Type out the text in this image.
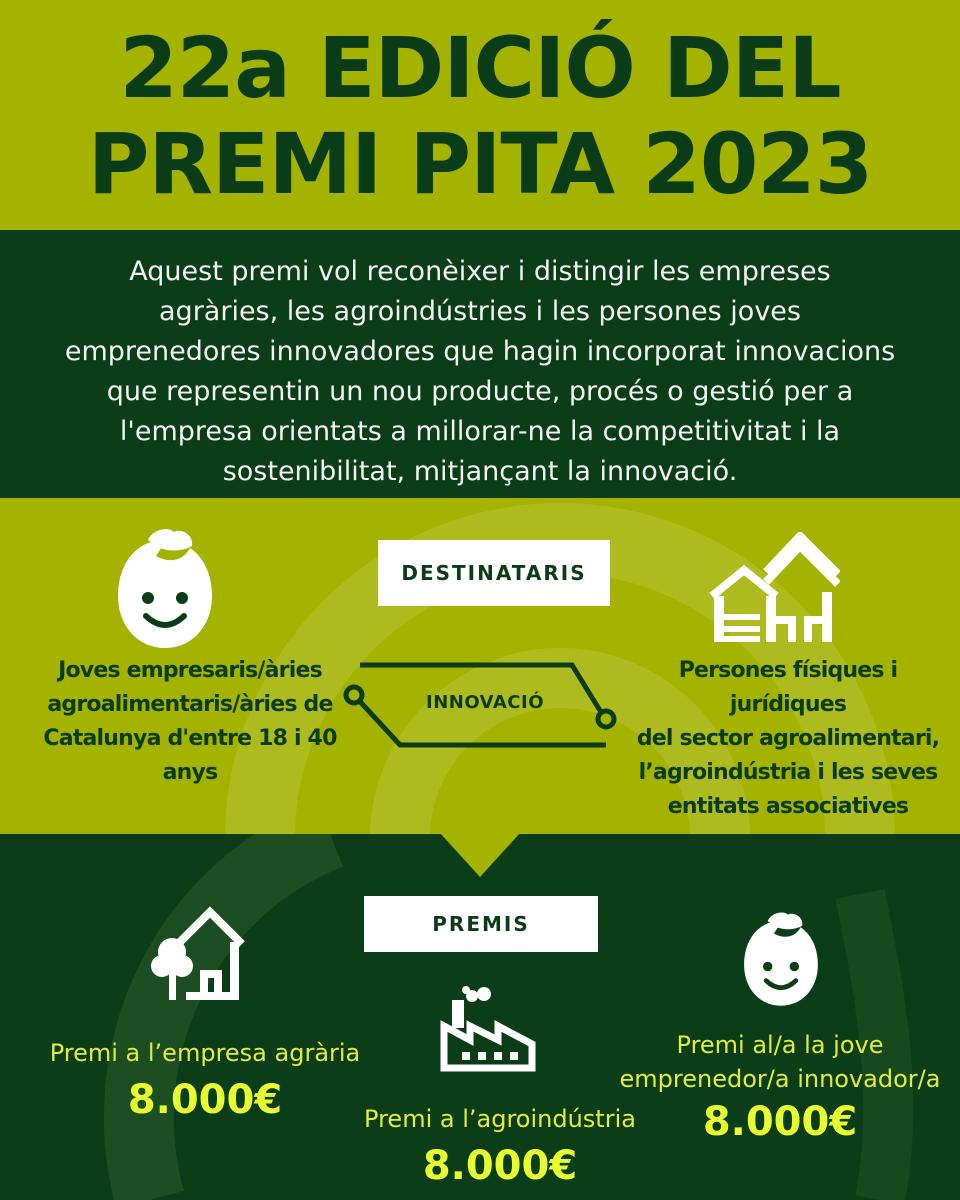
22a EDICIÓ DEL
PREMI PITA 2023
Aquest premi vol reconèixer i distingir les empreses
agràries, les agroindústries i les persones joves
emprenedores innovadores que hagin incorporat innovacions
que representin un nou producte, procés o gestió per a
l'empresa orientats a millorar-ne la competitivitat i la
sostenibilitat, mitjançant la innovació.
DESTINATARIS
INNOVACIÓ
Joves empresaris/àries
agroalimentaris/àries de
Catalunya d'entre 18 i 40
anys
Persones físiques i
jurídiques
del sector agroalimentari,
l’agroindústria i les seves
entitats associatives
PREMIS
Premi a l’empresa agrària
8.000€	Premi a l’agroindústria
8.000€
Premi al/a la jove
emprenedor/a innovador/a
8.000€
